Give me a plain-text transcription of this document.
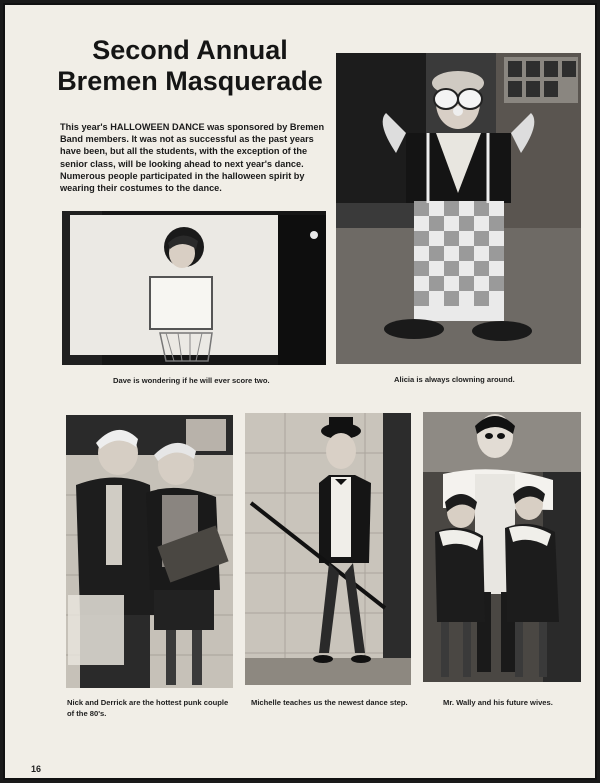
Second Annual Bremen Masquerade
This year's HALLOWEEN DANCE was sponsored by Bremen Band members. It was not as successful as the past years have been, but all the students, with the exception of the senior class, will be looking ahead to next year's dance. Numerous people participated in the halloween spirit by wearing their costumes to the dance.
Dave is wondering if he will ever score two.	Alicia is always clowning around.
Nick and Derrick are the hottest punk couple of the 80's.
Michelle teaches us the newest dance step.	Mr. Wally and his future wives.
16
